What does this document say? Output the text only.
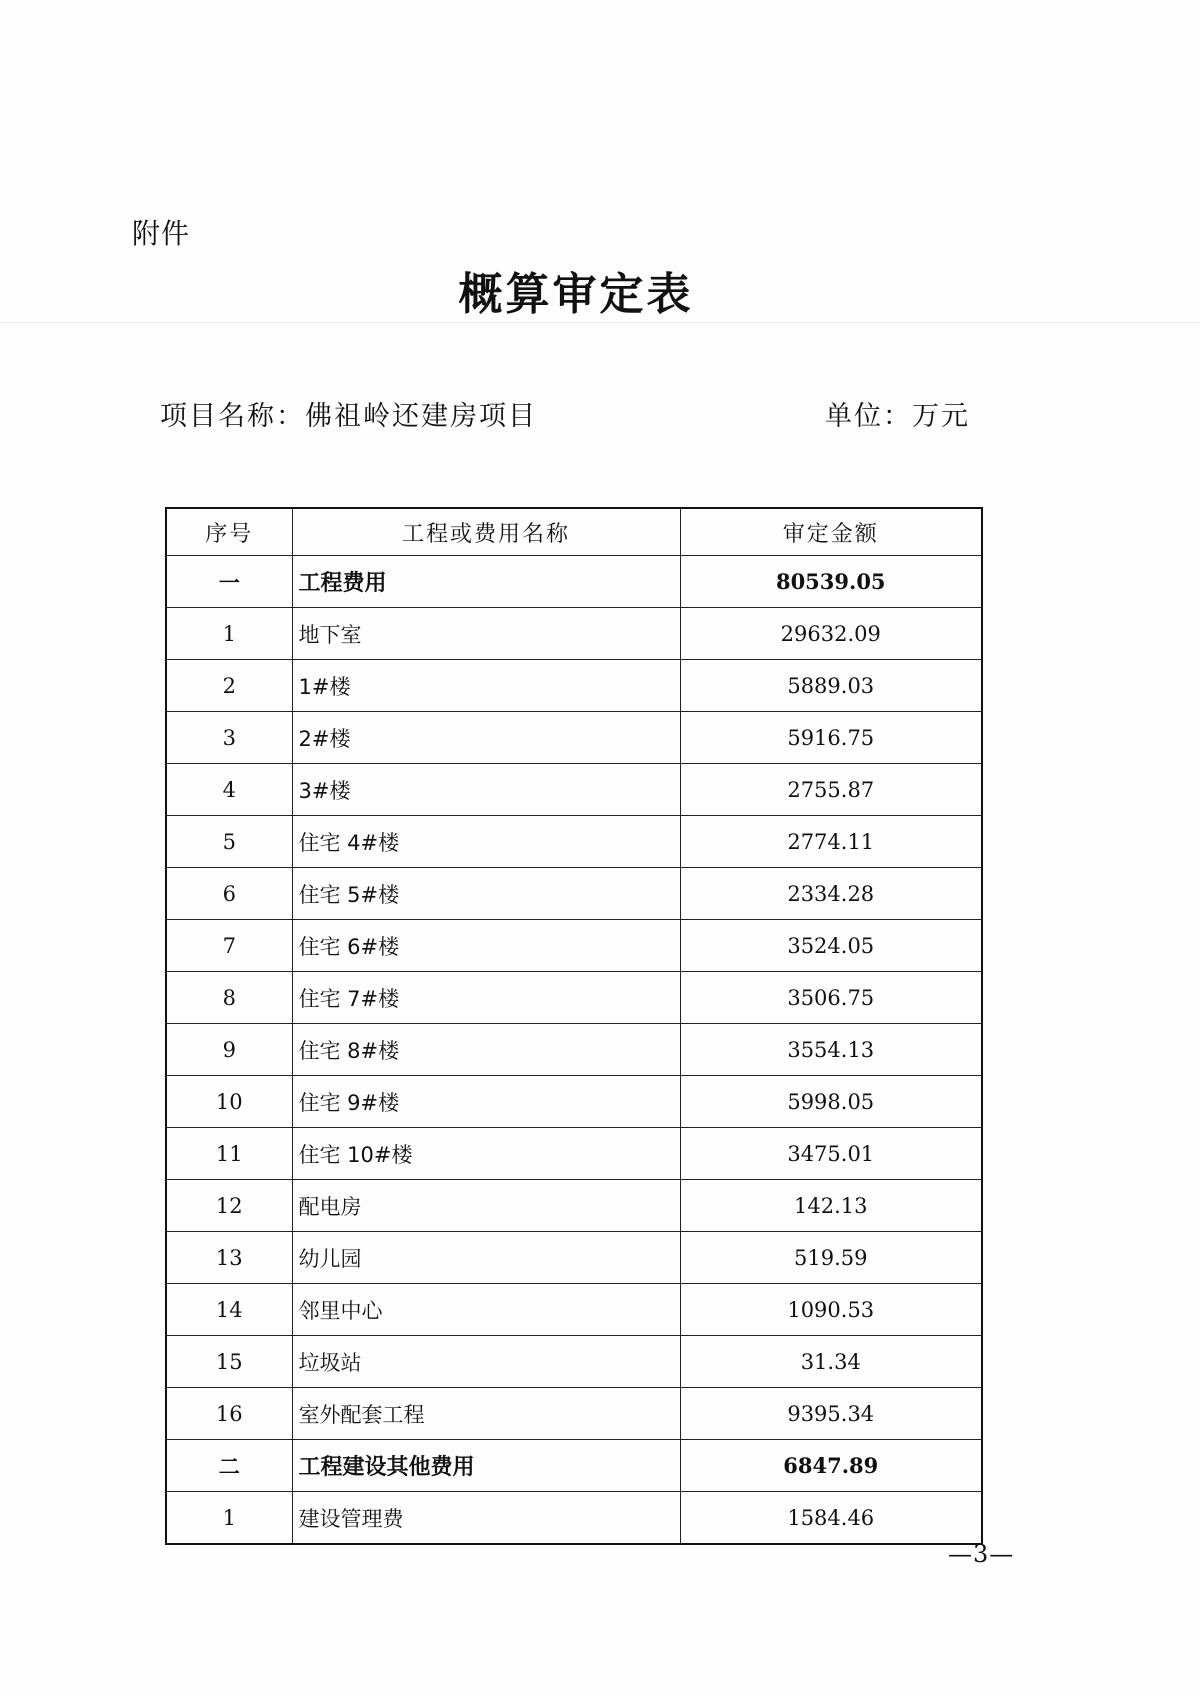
附件
概算审定表
项目名称：佛祖岭还建房项目	单位：万元
序号	工程或费用名称	审定金额
一	工程费用	80539.05
1	地下室	29632.09
2	1#楼	5889.03
3	2#楼	5916.75
4	3#楼	2755.87
5	住宅 4#楼	2774.11
6	住宅 5#楼	2334.28
7	住宅 6#楼	3524.05
8	住宅 7#楼	3506.75
9	住宅 8#楼	3554.13
10	住宅 9#楼	5998.05
11	住宅 10#楼	3475.01
12	配电房	142.13
13	幼儿园	519.59
14	邻里中心	1090.53
15	垃圾站	31.34
16	室外配套工程	9395.34
二	工程建设其他费用	6847.89
1	建设管理费	1584.46
—3—
